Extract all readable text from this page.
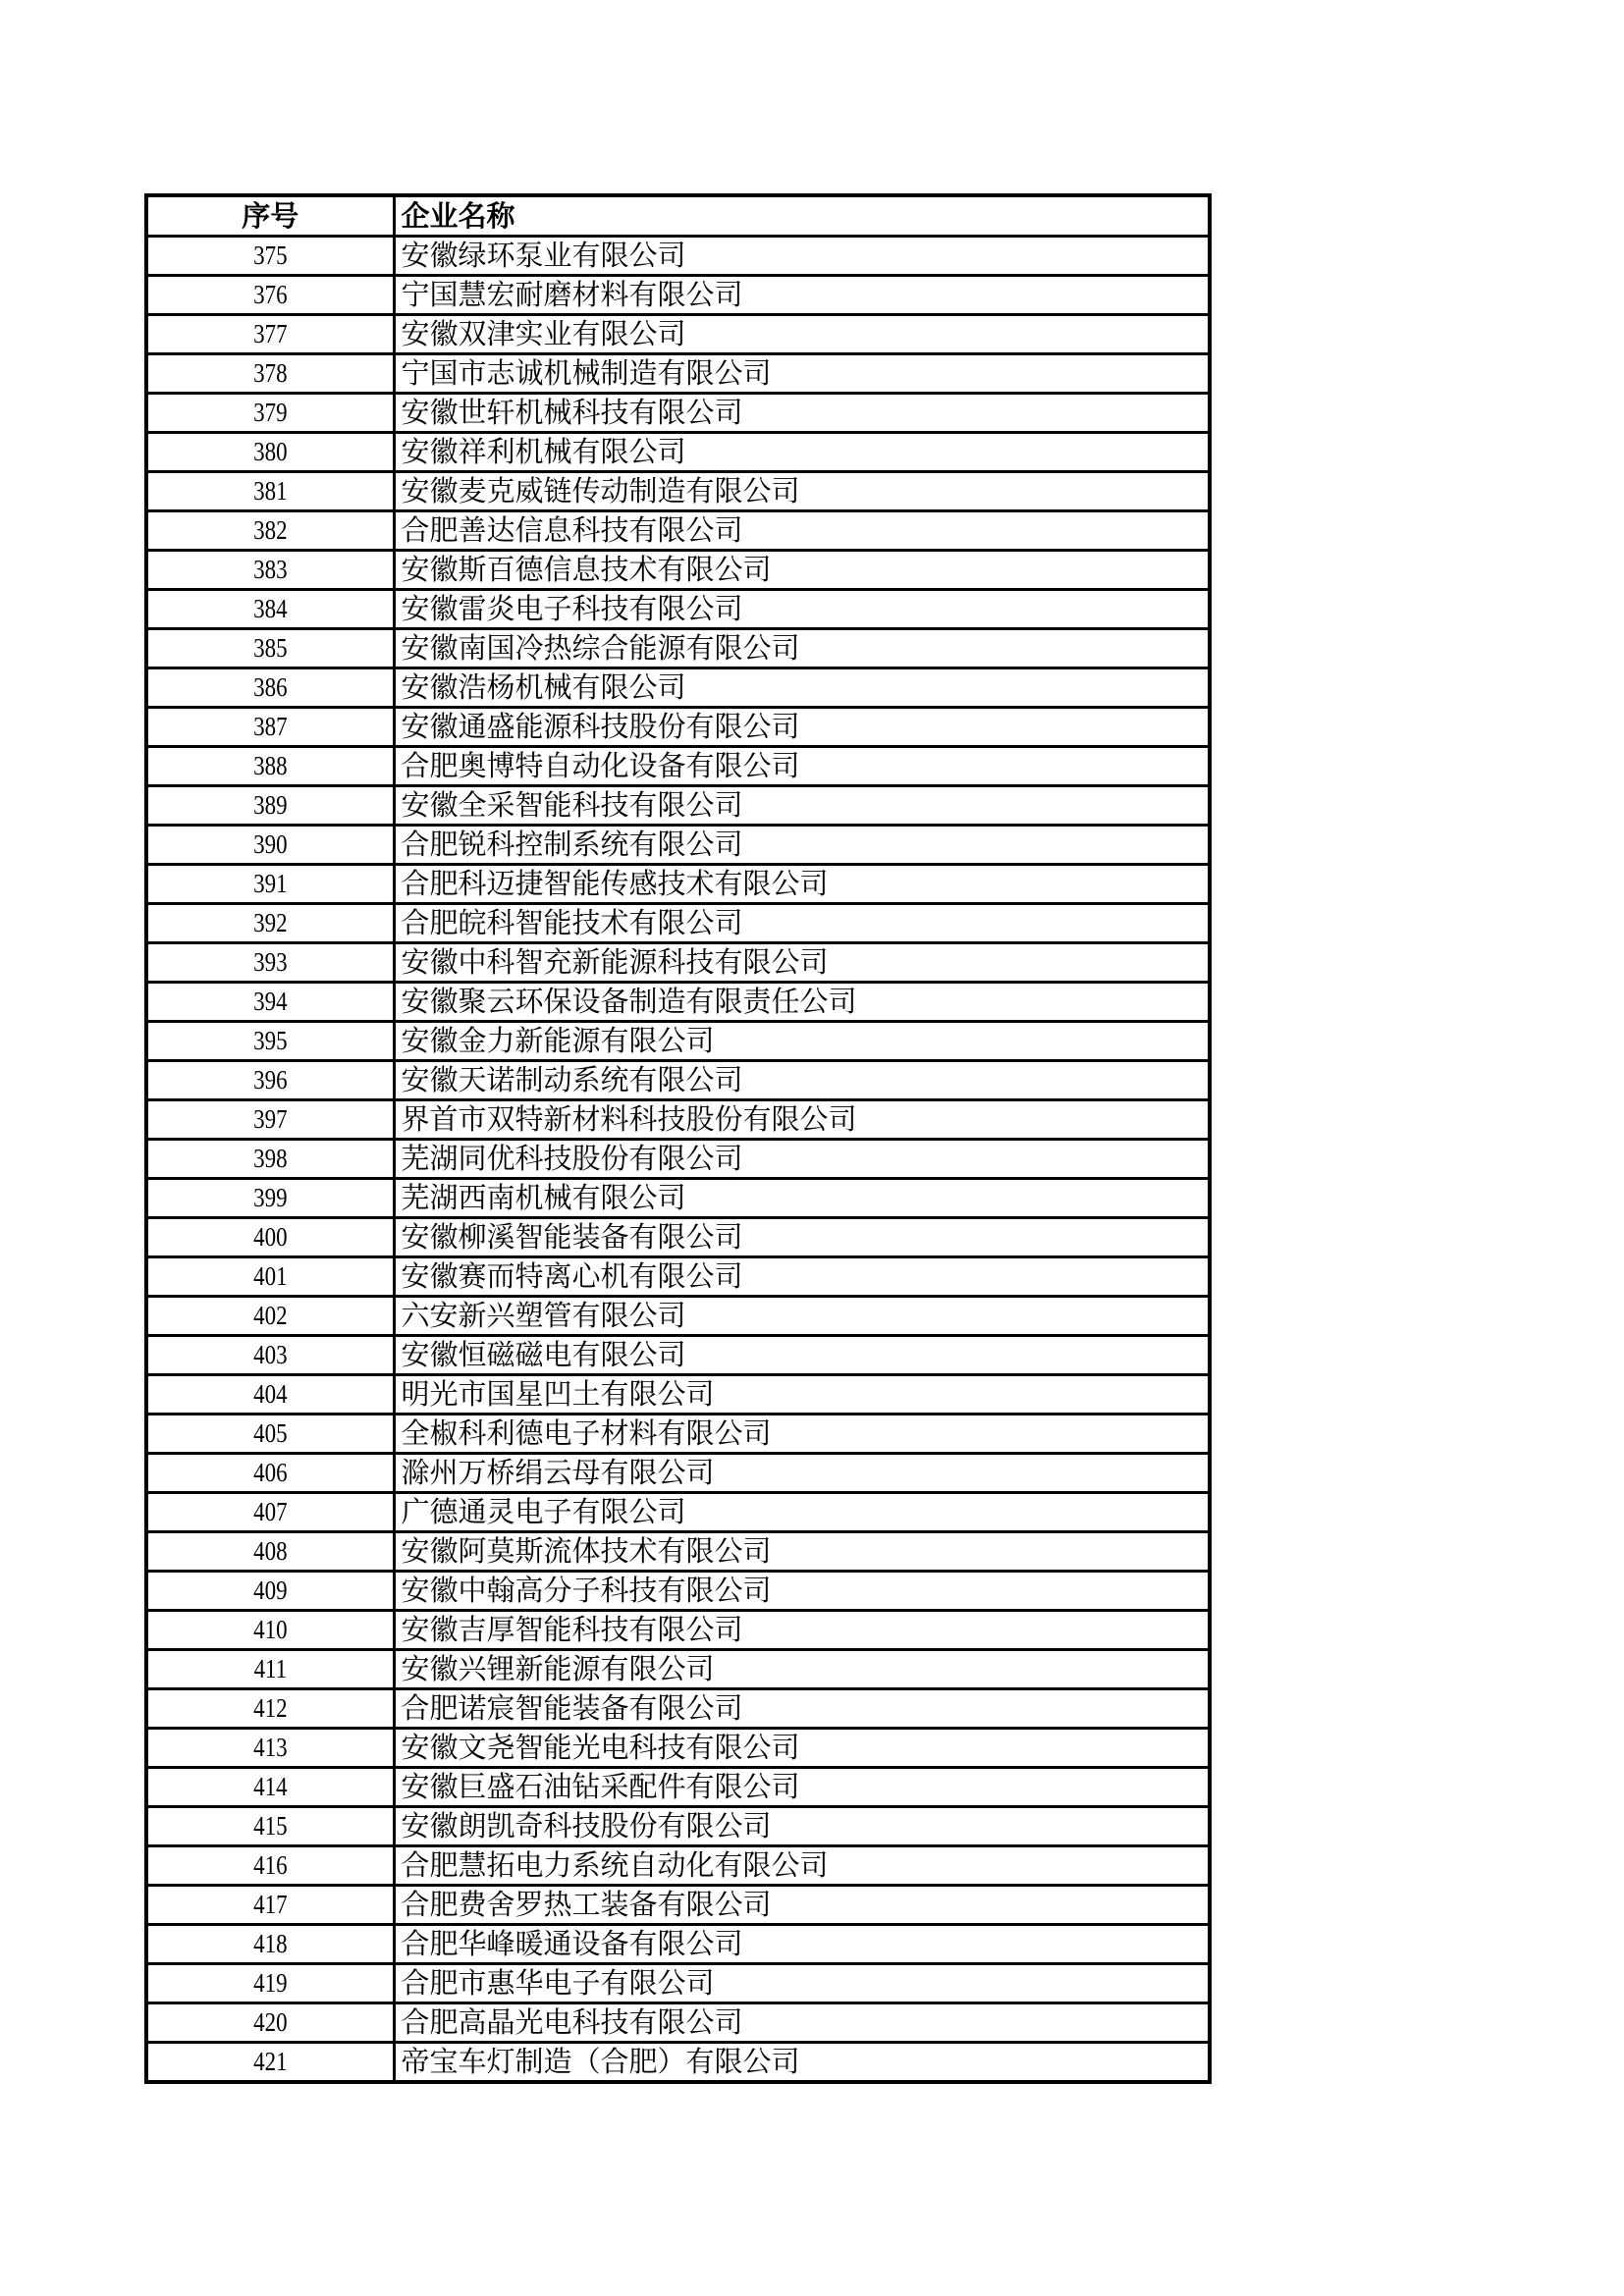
序号	企业名称
375	安徽绿环泵业有限公司
376	宁国慧宏耐磨材料有限公司
377	安徽双津实业有限公司
378	宁国市志诚机械制造有限公司
379	安徽世轩机械科技有限公司
380	安徽祥利机械有限公司
381	安徽麦克威链传动制造有限公司
382	合肥善达信息科技有限公司
383	安徽斯百德信息技术有限公司
384	安徽雷炎电子科技有限公司
385	安徽南国冷热综合能源有限公司
386	安徽浩杨机械有限公司
387	安徽通盛能源科技股份有限公司
388	合肥奥博特自动化设备有限公司
389	安徽全采智能科技有限公司
390	合肥锐科控制系统有限公司
391	合肥科迈捷智能传感技术有限公司
392	合肥皖科智能技术有限公司
393	安徽中科智充新能源科技有限公司
394	安徽聚云环保设备制造有限责任公司
395	安徽金力新能源有限公司
396	安徽天诺制动系统有限公司
397	界首市双特新材料科技股份有限公司
398	芜湖同优科技股份有限公司
399	芜湖西南机械有限公司
400	安徽柳溪智能装备有限公司
401	安徽赛而特离心机有限公司
402	六安新兴塑管有限公司
403	安徽恒磁磁电有限公司
404	明光市国星凹土有限公司
405	全椒科利德电子材料有限公司
406	滁州万桥绢云母有限公司
407	广德通灵电子有限公司
408	安徽阿莫斯流体技术有限公司
409	安徽中翰高分子科技有限公司
410	安徽吉厚智能科技有限公司
411	安徽兴锂新能源有限公司
412	合肥诺宸智能装备有限公司
413	安徽文尧智能光电科技有限公司
414	安徽巨盛石油钻采配件有限公司
415	安徽朗凯奇科技股份有限公司
416	合肥慧拓电力系统自动化有限公司
417	合肥费舍罗热工装备有限公司
418	合肥华峰暖通设备有限公司
419	合肥市惠华电子有限公司
420	合肥高晶光电科技有限公司
421	帝宝车灯制造（合肥）有限公司
